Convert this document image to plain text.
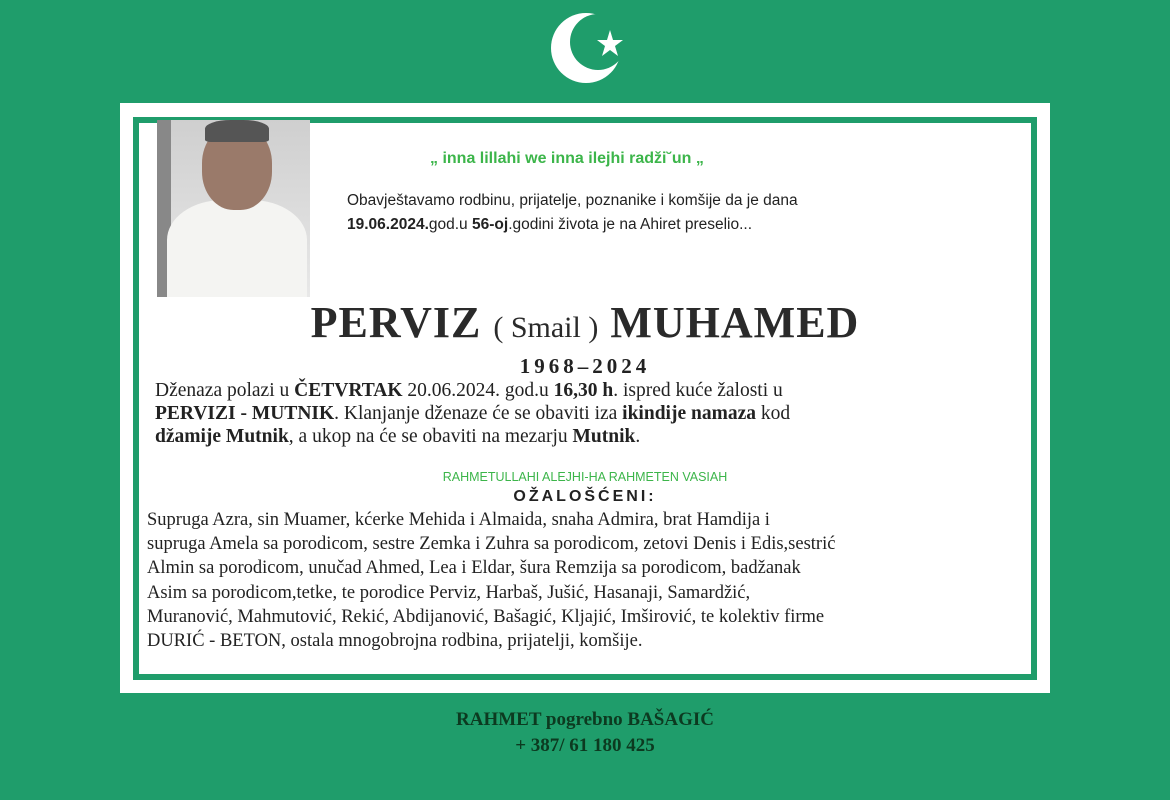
„ inna lillahi we inna ilejhi radži˘un „
Obavještavamo rodbinu, prijatelje, poznanike i komšije da je dana
19.06.2024.god.u 56-oj.godini života je na Ahiret preselio...
PERVIZ ( Smail ) MUHAMED
1968–2024
Dženaza polazi u ČETVRTAK 20.06.2024. god.u 16,30 h. ispred kuće žalosti u
PERVIZI - MUTNIK. Klanjanje dženaze će se obaviti iza ikindije namaza kod
džamije Mutnik, a ukop na će se obaviti na mezarju Mutnik.
RAHMETULLAHI ALEJHI-HA RAHMETEN VASIAH
OŽALOŠĆENI:
Supruga Azra, sin Muamer, kćerke Mehida i Almaida, snaha Admira, brat Hamdija i
supruga Amela sa porodicom, sestre Zemka i Zuhra sa porodicom, zetovi Denis i Edis,sestrić
Almin sa porodicom, unučad Ahmed, Lea i Eldar, šura Remzija sa porodicom, badžanak
Asim sa porodicom,tetke, te porodice Perviz, Harbaš, Jušić, Hasanaji, Samardžić,
Muranović, Mahmutović, Rekić, Abdijanović, Bašagić, Kljajić, Imširović, te kolektiv firme
DURIĆ - BETON, ostala mnogobrojna rodbina, prijatelji, komšije.
RAHMET pogrebno BAŠAGIĆ
+ 387/ 61 180 425
